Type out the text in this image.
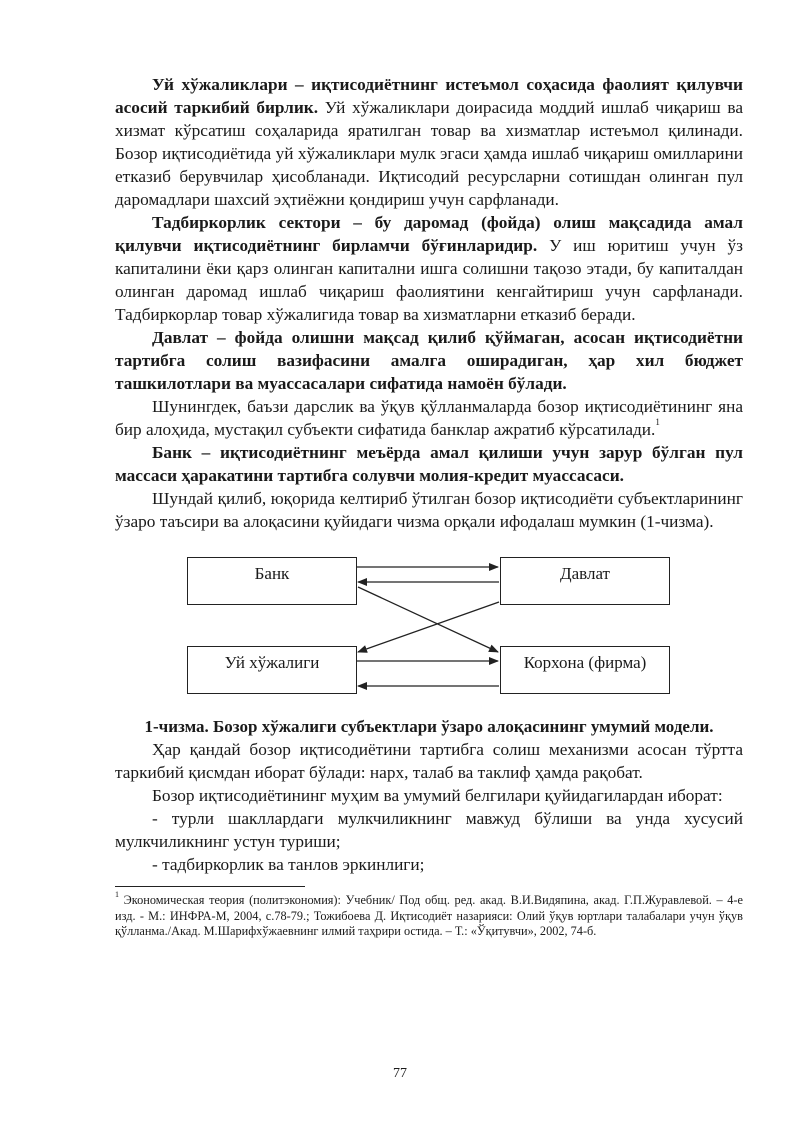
Уй хўжаликлари – иқтисодиётнинг истеъмол соҳасида фаолият қилувчи асосий таркибий бирлик. Уй хўжаликлари доирасида моддий ишлаб чиқариш ва хизмат кўрсатиш соҳаларида яратилган товар ва хизматлар истеъмол қилинади. Бозор иқтисодиётида уй хўжаликлари мулк эгаси ҳамда ишлаб чиқариш омилларини етказиб берувчилар ҳисобланади. Иқтисодий ресурсларни сотишдан олинган пул даромадлари шахсий эҳтиёжни қондириш учун сарфланади.

Тадбиркорлик сектори – бу даромад (фойда) олиш мақсадида амал қилувчи иқтисодиётнинг бирламчи бўғинларидир. У иш юритиш учун ўз капиталини ёки қарз олинган капитални ишга солишни тақозо этади, бу капиталдан олинган даромад ишлаб чиқариш фаолиятини кенгайтириш учун сарфланади. Тадбиркорлар товар хўжалигида товар ва хизматларни етказиб беради.

Давлат – фойда олишни мақсад қилиб қўймаган, асосан иқтисодиётни тартибга солиш вазифасини амалга оширадиган, ҳар хил бюджет ташкилотлари ва муассасалари сифатида намоён бўлади.

Шунингдек, баъзи дарслик ва ўқув қўлланмаларда бозор иқтисодиётининг яна бир алоҳида, мустақил субъекти сифатида банклар ажратиб кўрсатилади.$^1$

Банк – иқтисодиётнинг меъёрда амал қилиши учун зарур бўлган пул массаси ҳаракатини тартибга солувчи молия-кредит муассасаси.

Шундай қилиб, юқорида келтириб ўтилган бозор иқтисодиёти субъектларининг ўзаро таъсири ва алоқасини қуйидаги чизма орқали ифодалаш мумкин (1-чизма).

Банк	Давлат
Уй хўжалиги	Корхона (фирма)
1-чизма. Бозор хўжалиги субъектлари ўзаро алоқасининг умумий модели.

Ҳар қандай бозор иқтисодиётини тартибга солиш механизми асосан тўртта таркибий қисмдан иборат бўлади: нарх, талаб ва таклиф ҳамда рақобат.

Бозор иқтисодиётининг муҳим ва умумий белгилари қуйидагилардан иборат:

- турли шакллардаги мулкчиликнинг мавжуд бўлиши ва унда хусусий мулкчиликнинг устун туриши;

- тадбиркорлик ва танлов эркинлиги;

$^1$ Экономическая теория (политэкономия): Учебник/ Под общ. ред. акад. В.И.Видяпина, акад. Г.П.Журавлевой. – 4-е изд. - М.: ИНФРА-М, 2004, с.78-79.; Тожибоева Д. Иқтисодиёт назарияси: Олий ўқув юртлари талабалари учун ўқув қўлланма./Акад. М.Шарифхўжаевнинг илмий таҳрири остида. – Т.: «Ўқитувчи», 2002, 74-б.
77
